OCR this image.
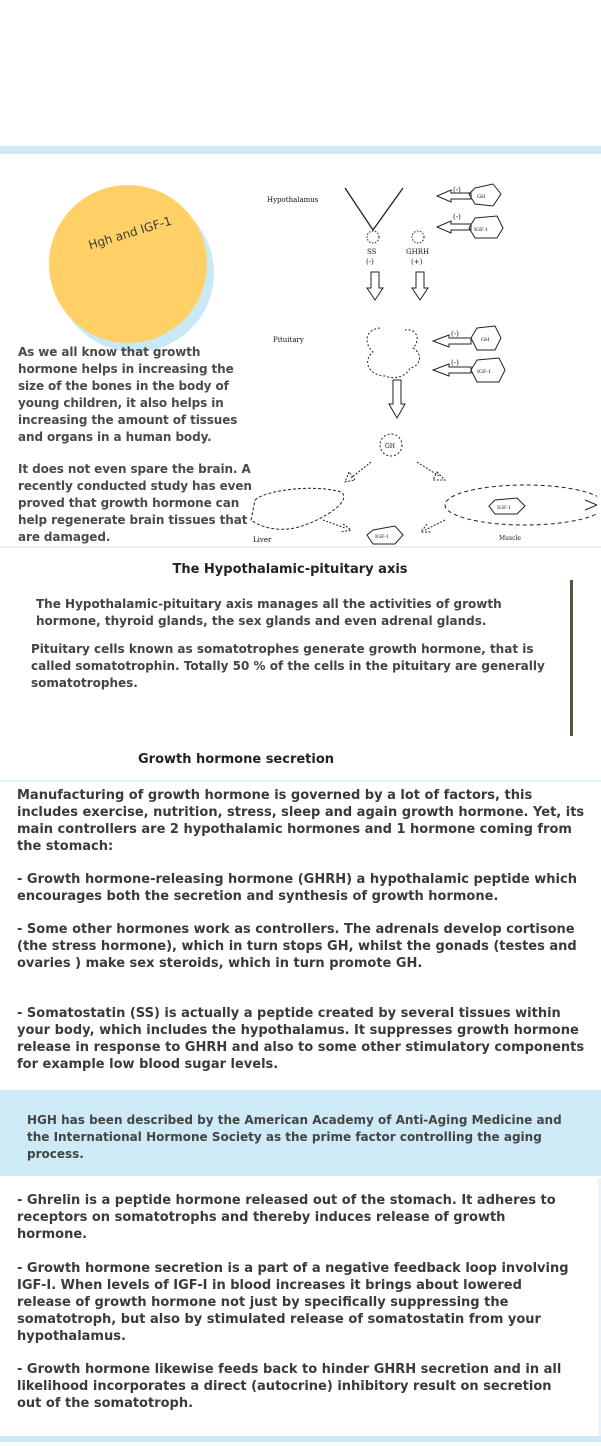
Hgh and IGF-1
As we all know that growth hormone helps in increasing the size of the bones in the body of young children, it also helps in increasing the amount of tissues and organs in a human body.
It does not even spare the brain. A recently conducted study has even proved that growth hormone can help regenerate brain tissues that are damaged.
Hypothalamus
Pituitary
SS
(-)
GHRH
(+)
GH
(-)
GH
(-)
IGF-1
(-)
GH
(-)
IGF-1
Liver	Muscle
IGF-1
IGF-1
The Hypothalamic-pituitary axis
The Hypothalamic-pituitary axis manages all the activities of growth hormone, thyroid glands, the sex glands and even adrenal glands.
Pituitary cells known as somatotrophes generate growth hormone, that is called somatotrophin. Totally 50 % of the cells in the pituitary are generally somatotrophes.
Growth hormone secretion
Manufacturing of growth hormone is governed by a lot of factors, this includes exercise, nutrition, stress, sleep and again growth hormone. Yet, its main controllers are 2 hypothalamic hormones and 1 hormone coming from the stomach:
- Growth hormone-releasing hormone (GHRH) a hypothalamic peptide which encourages both the secretion and synthesis of growth hormone.
- Some other hormones work as controllers. The adrenals develop cortisone (the stress hormone), which in turn stops GH, whilst the gonads (testes and ovaries ) make sex steroids, which in turn promote GH.
- Somatostatin (SS) is actually a peptide created by several tissues within your body, which includes the hypothalamus. It suppresses growth hormone release in response to GHRH and also to some other stimulatory components for example low blood sugar levels.
HGH has been described by the American Academy of Anti-Aging Medicine and the International Hormone Society as the prime factor controlling the aging process.
- Ghrelin is a peptide hormone released out of the stomach. It adheres to receptors on somatotrophs and thereby induces release of growth hormone.
- Growth hormone secretion is a part of a negative feedback loop involving IGF-I. When levels of IGF-I in blood increases it brings about lowered release of growth hormone not just by specifically suppressing the somatotroph, but also by stimulated release of somatostatin from your hypothalamus.
- Growth hormone likewise feeds back to hinder GHRH secretion and in all likelihood incorporates a direct (autocrine) inhibitory result on secretion out of the somatotroph.
